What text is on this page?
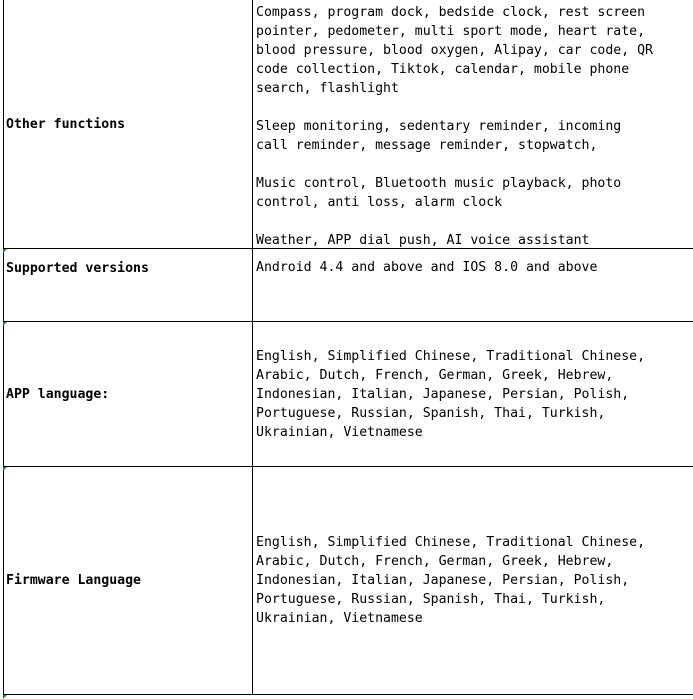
Other functions

Compass, program dock, bedside clock, rest screen pointer, pedometer, multi sport mode, heart rate, blood pressure, blood oxygen, Alipay, car code, QR code collection, Tiktok, calendar, mobile phone search, flashlight

Sleep monitoring, sedentary reminder, incoming call reminder, message reminder, stopwatch,

Music control, Bluetooth music playback, photo control, anti loss, alarm clock

Weather, APP dial push, AI voice assistant

Supported versions	Android 4.4 and above and IOS 8.0 and above

APP language:

English, Simplified Chinese, Traditional Chinese, Arabic, Dutch, French, German, Greek, Hebrew, Indonesian, Italian, Japanese, Persian, Polish, Portuguese, Russian, Spanish, Thai, Turkish, Ukrainian, Vietnamese

Firmware Language

English, Simplified Chinese, Traditional Chinese, Arabic, Dutch, French, German, Greek, Hebrew, Indonesian, Italian, Japanese, Persian, Polish, Portuguese, Russian, Spanish, Thai, Turkish, Ukrainian, Vietnamese
